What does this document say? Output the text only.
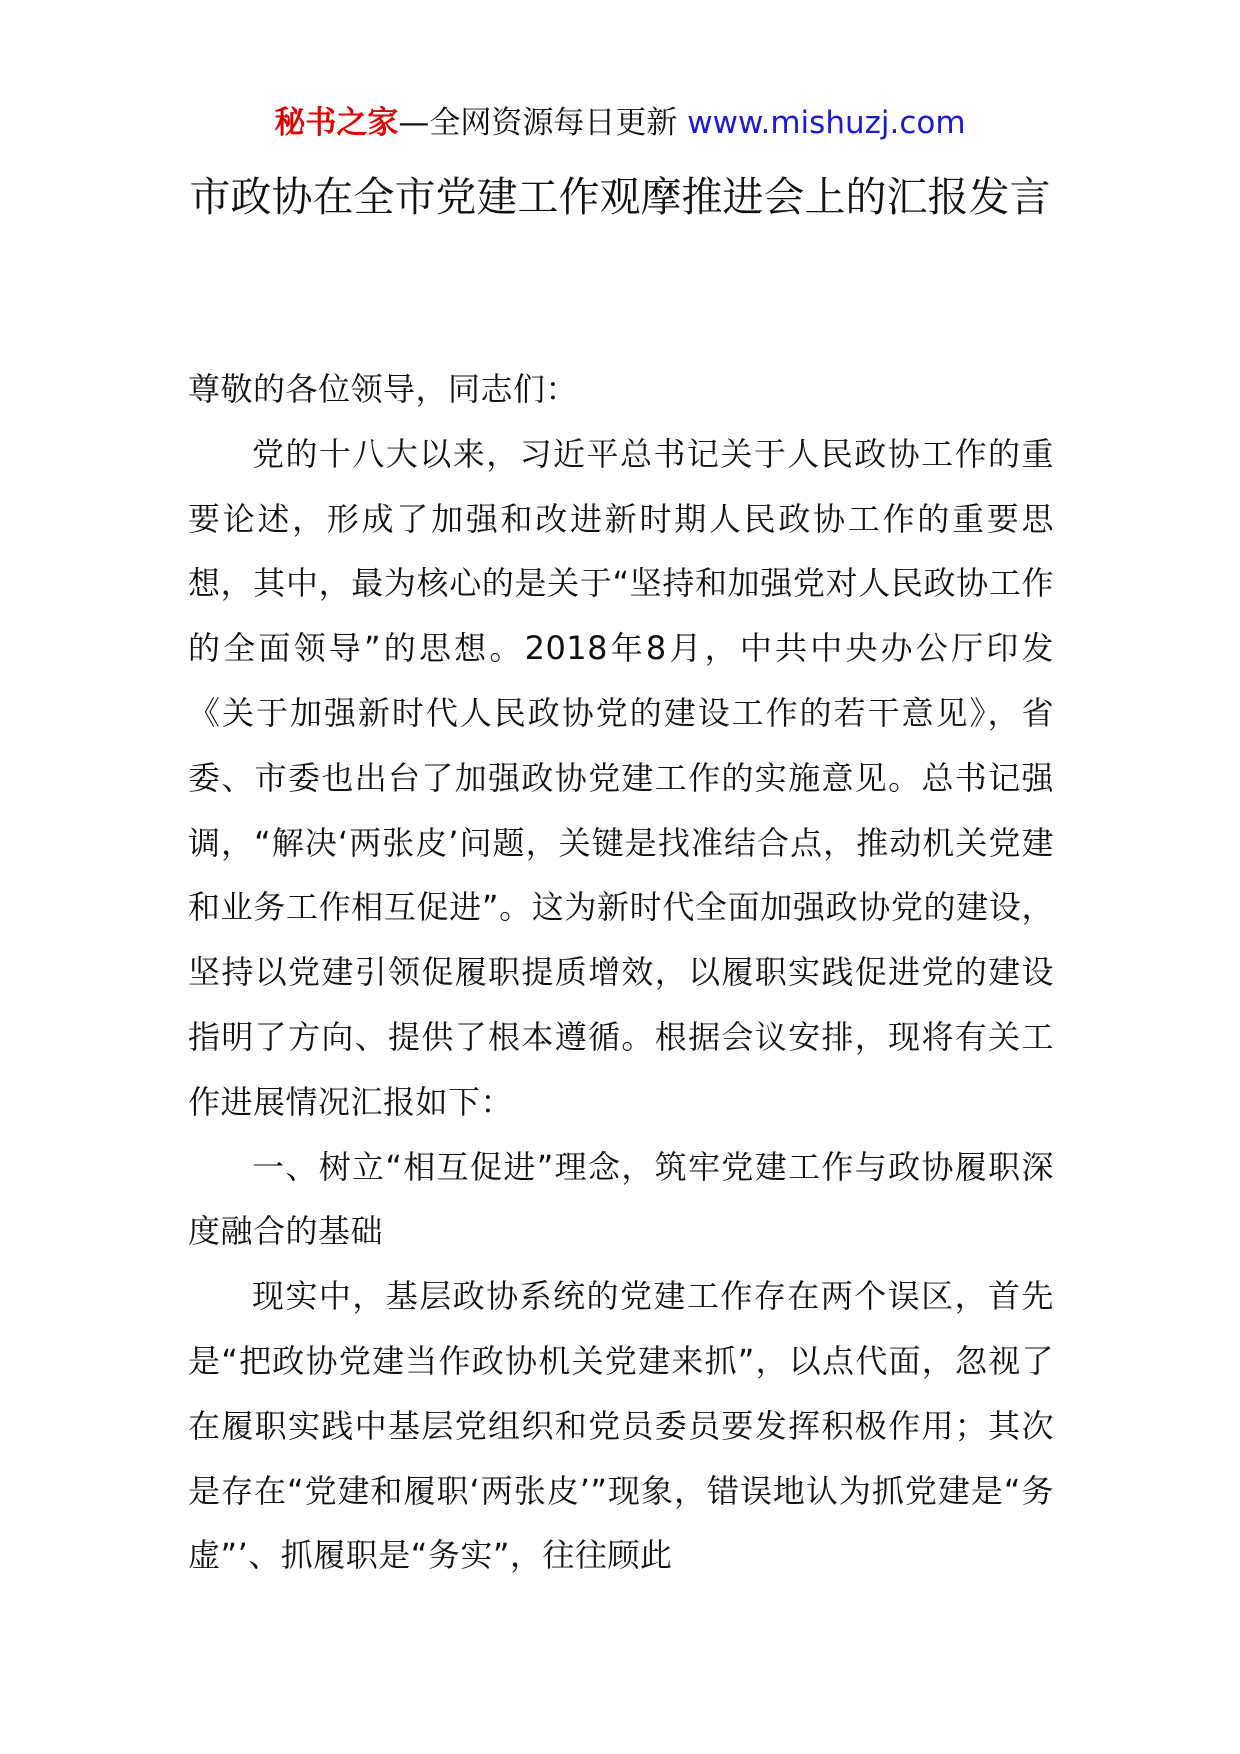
秘书之家—全网资源每日更新 www.mishuzj.com
市政协在全市党建工作观摩推进会上的汇报发言

尊敬的各位领导，同志们：

党的十八大以来，习近平总书记关于人民政协工作的重要论述，形成了加强和改进新时期人民政协工作的重要思想，其中，最为核心的是关于“坚持和加强党对人民政协工作的全面领导”的思想。2018年8月，中共中央办公厅印发《关于加强新时代人民政协党的建设工作的若干意见》，省委、市委也出台了加强政协党建工作的实施意见。总书记强调，“解决‘两张皮’问题，关键是找准结合点，推动机关党建和业务工作相互促进”。这为新时代全面加强政协党的建设，坚持以党建引领促履职提质增效，以履职实践促进党的建设指明了方向、提供了根本遵循。根据会议安排，现将有关工作进展情况汇报如下：

一、树立“相互促进”理念，筑牢党建工作与政协履职深度融合的基础

现实中，基层政协系统的党建工作存在两个误区，首先是“把政协党建当作政协机关党建来抓”，以点代面，忽视了在履职实践中基层党组织和党员委员要发挥积极作用；其次是存在“党建和履职‘两张皮’”现象，错误地认为抓党建是“务虚”’、抓履职是“务实”，往往顾此
